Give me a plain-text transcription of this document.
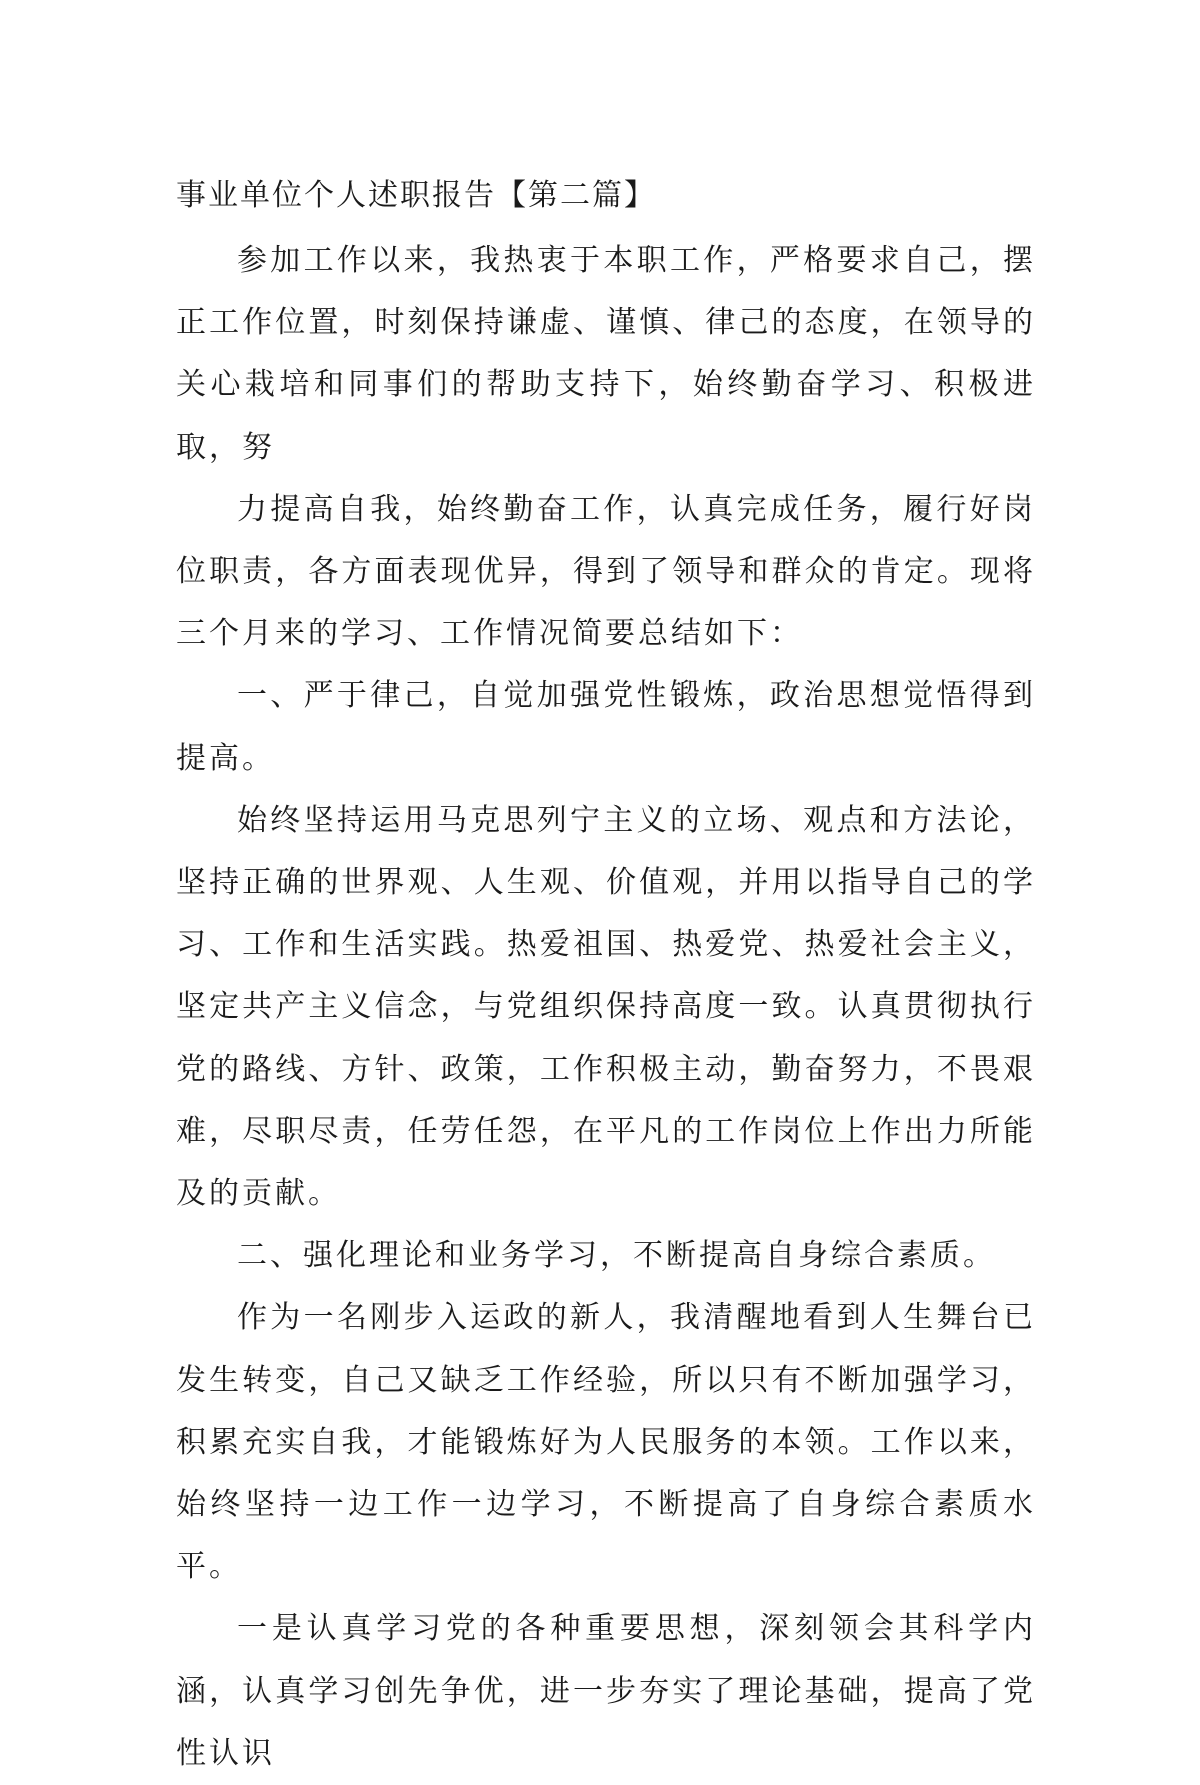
事业单位个人述职报告【第二篇】

参加工作以来，我热衷于本职工作，严格要求自己，摆正工作位置，时刻保持谦虚、谨慎、律己的态度，在领导的关心栽培和同事们的帮助支持下，始终勤奋学习、积极进取，努

力提高自我，始终勤奋工作，认真完成任务，履行好岗位职责，各方面表现优异，得到了领导和群众的肯定。现将三个月来的学习、工作情况简要总结如下：

一、严于律己，自觉加强党性锻炼，政治思想觉悟得到提高。

始终坚持运用马克思列宁主义的立场、观点和方法论，坚持正确的世界观、人生观、价值观，并用以指导自己的学习、工作和生活实践。热爱祖国、热爱党、热爱社会主义，坚定共产主义信念，与党组织保持高度一致。认真贯彻执行党的路线、方针、政策，工作积极主动，勤奋努力，不畏艰难，尽职尽责，任劳任怨，在平凡的工作岗位上作出力所能及的贡献。

二、强化理论和业务学习，不断提高自身综合素质。

作为一名刚步入运政的新人，我清醒地看到人生舞台已发生转变，自己又缺乏工作经验，所以只有不断加强学习，积累充实自我，才能锻炼好为人民服务的本领。工作以来，始终坚持一边工作一边学习，不断提高了自身综合素质水平。

一是认真学习党的各种重要思想，深刻领会其科学内涵，认真学习创先争优，进一步夯实了理论基础，提高了党性认识
